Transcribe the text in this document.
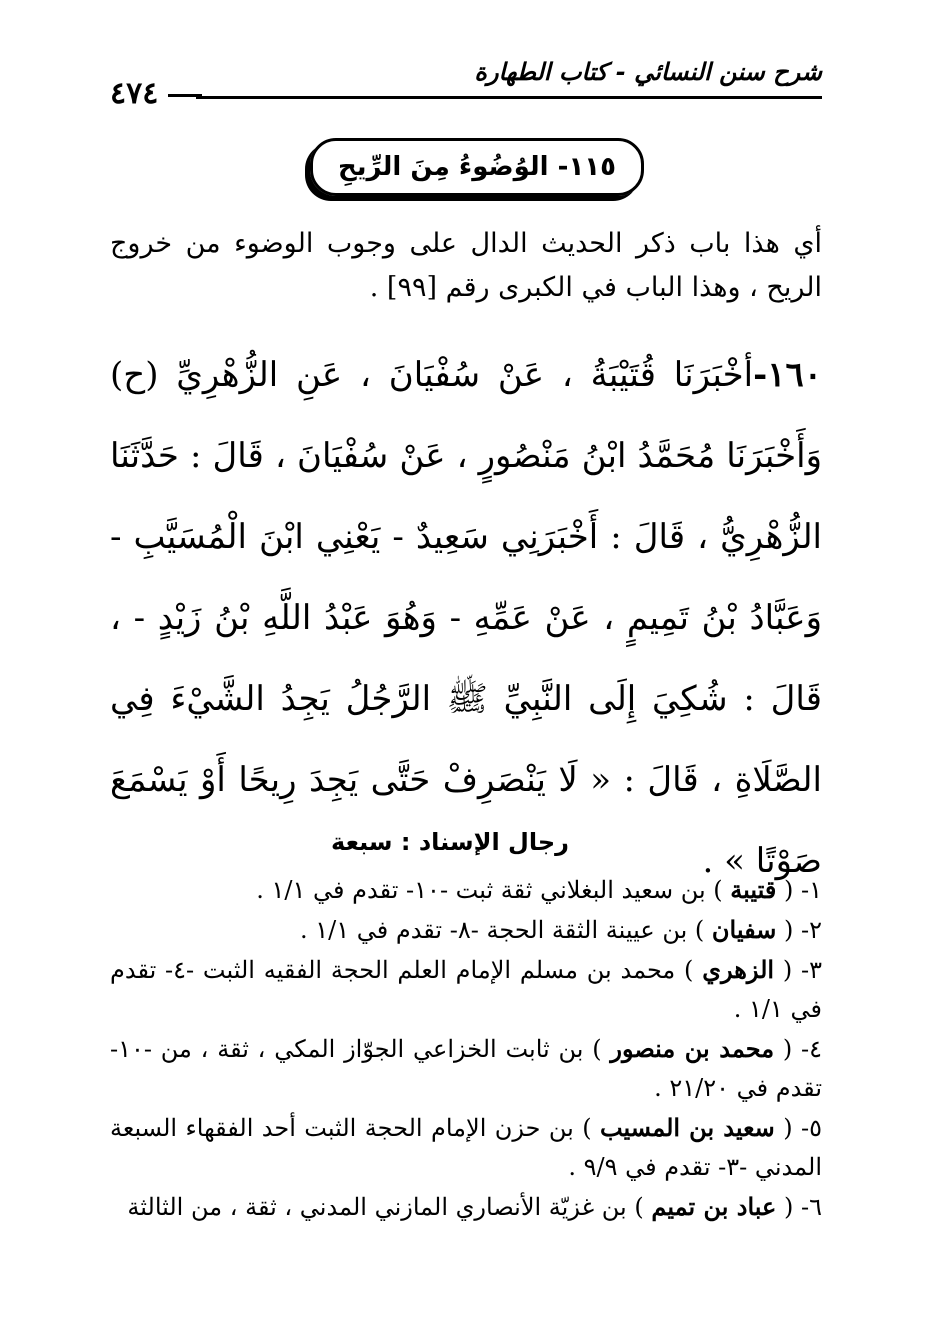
شرح سنن النسائي - كتاب الطهارة
٤٧٤
١١٥- الوُضُوءُ مِنَ الرِّيحِ
أي هذا باب ذكر الحديث الدال على وجوب الوضوء من خروج الريح ، وهذا الباب في الكبرى رقم [٩٩] .
١٦٠-أخْبَرَنَا قُتَيْبَةُ ، عَنْ سُفْيَانَ ، عَنِ الزُّهْرِيِّ (ح) وَأَخْبَرَنَا مُحَمَّدُ ابْنُ مَنْصُورٍ ، عَنْ سُفْيَانَ ، قَالَ : حَدَّثَنَا الزُّهْرِيُّ ، قَالَ : أَخْبَرَنِي سَعِيدٌ - يَعْنِي ابْنَ الْمُسَيَّبِ - وَعَبَّادُ بْنُ تَمِيمٍ ، عَنْ عَمِّهِ - وَهُوَ عَبْدُ اللَّهِ بْنُ زَيْدٍ - ، قَالَ : شُكِيَ إِلَى النَّبِيِّ ﷺ الرَّجُلُ يَجِدُ الشَّيْءَ فِي الصَّلَاةِ ، قَالَ : « لَا يَنْصَرِفْ حَتَّى يَجِدَ رِيحًا أَوْ يَسْمَعَ صَوْتًا » .
رجال الإسناد : سبعة

١- ( قتيبة ) بن سعيد البغلاني ثقة ثبت -١٠- تقدم في ١/١ .

٢- ( سفيان ) بن عيينة الثقة الحجة -٨- تقدم في ١/١ .

٣- ( الزهري ) محمد بن مسلم الإمام العلم الحجة الفقيه الثبت -٤- تقدم في ١/١ .

٤- ( محمد بن منصور ) بن ثابت الخزاعي الجوّاز المكي ، ثقة ، من -١٠- تقدم في ٢١/٢٠ .

٥- ( سعيد بن المسيب ) بن حزن الإمام الحجة الثبت أحد الفقهاء السبعة المدني -٣- تقدم في ٩/٩ .

٦- ( عباد بن تميم ) بن غزيّة الأنصاري المازني المدني ، ثقة ، من الثالثة
